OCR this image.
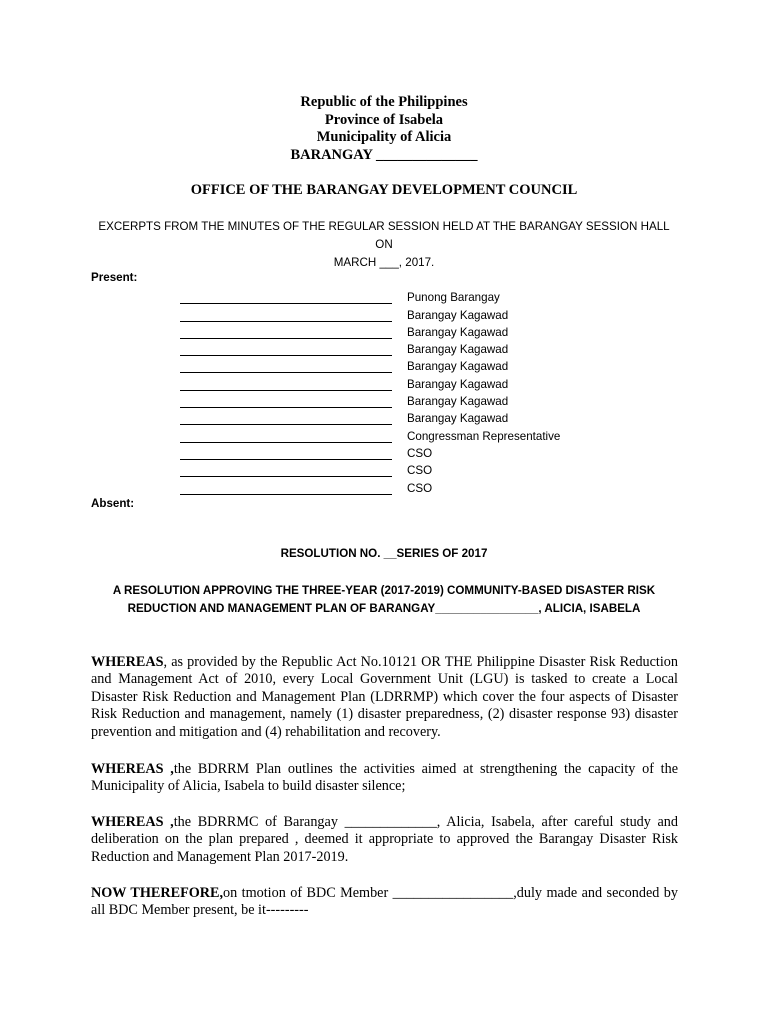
Republic of the Philippines
Province of Isabela
Municipality of Alicia
BARANGAY ______________
OFFICE OF THE BARANGAY DEVELOPMENT COUNCIL
EXCERPTS FROM THE MINUTES OF THE REGULAR SESSION HELD AT THE BARANGAY SESSION HALL ON
MARCH ___, 2017.
Present:
Punong Barangay
Barangay Kagawad
Barangay Kagawad
Barangay Kagawad
Barangay Kagawad
Barangay Kagawad
Barangay Kagawad
Barangay Kagawad
Congressman Representative
CSO
CSO
CSO
Absent:
RESOLUTION NO. __SERIES OF 2017
A RESOLUTION APPROVING THE THREE-YEAR (2017-2019) COMMUNITY-BASED DISASTER RISK
REDUCTION AND MANAGEMENT PLAN OF BARANGAY________________, ALICIA, ISABELA
WHEREAS, as provided by the Republic Act No.10121 OR THE Philippine Disaster Risk Reduction and Management Act of 2010, every Local Government Unit (LGU) is tasked to create a Local Disaster Risk Reduction and Management Plan (LDRRMP) which cover the four aspects of Disaster Risk Reduction and management, namely (1) disaster preparedness, (2) disaster response 93) disaster prevention and mitigation and (4) rehabilitation and recovery.
WHEREAS ,the BDRRM Plan outlines the activities aimed at strengthening the capacity of the Municipality of Alicia, Isabela to build disaster silence;
WHEREAS ,the BDRRMC of Barangay _____________, Alicia, Isabela, after careful study and deliberation on the plan prepared , deemed it appropriate to approved the Barangay Disaster Risk Reduction and Management Plan 2017-2019.
NOW THEREFORE,on tmotion of BDC Member _________________,duly made and seconded by all BDC Member present, be it---------
